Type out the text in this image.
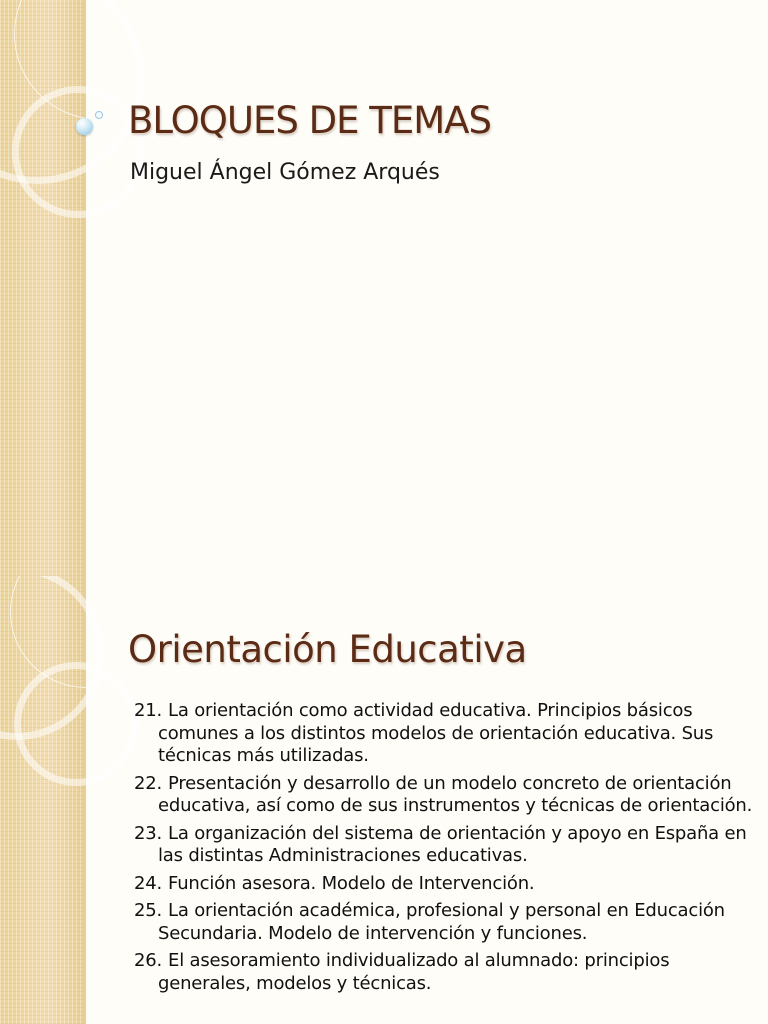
BLOQUES DE TEMAS
Miguel Ángel Gómez Arqués
Orientación Educativa
21. La orientación como actividad educativa. Principios básicos comunes a los distintos modelos de orientación educativa. Sus técnicas más utilizadas.
22. Presentación y desarrollo de un modelo concreto de orientación educativa, así como de sus instrumentos y técnicas de orientación.
23. La organización del sistema de orientación y apoyo en España en las distintas Administraciones educativas.
24. Función asesora. Modelo de Intervención.
25. La orientación académica, profesional y personal en Educación Secundaria. Modelo de intervención y funciones.
26. El asesoramiento individualizado al alumnado: principios generales, modelos y técnicas.
